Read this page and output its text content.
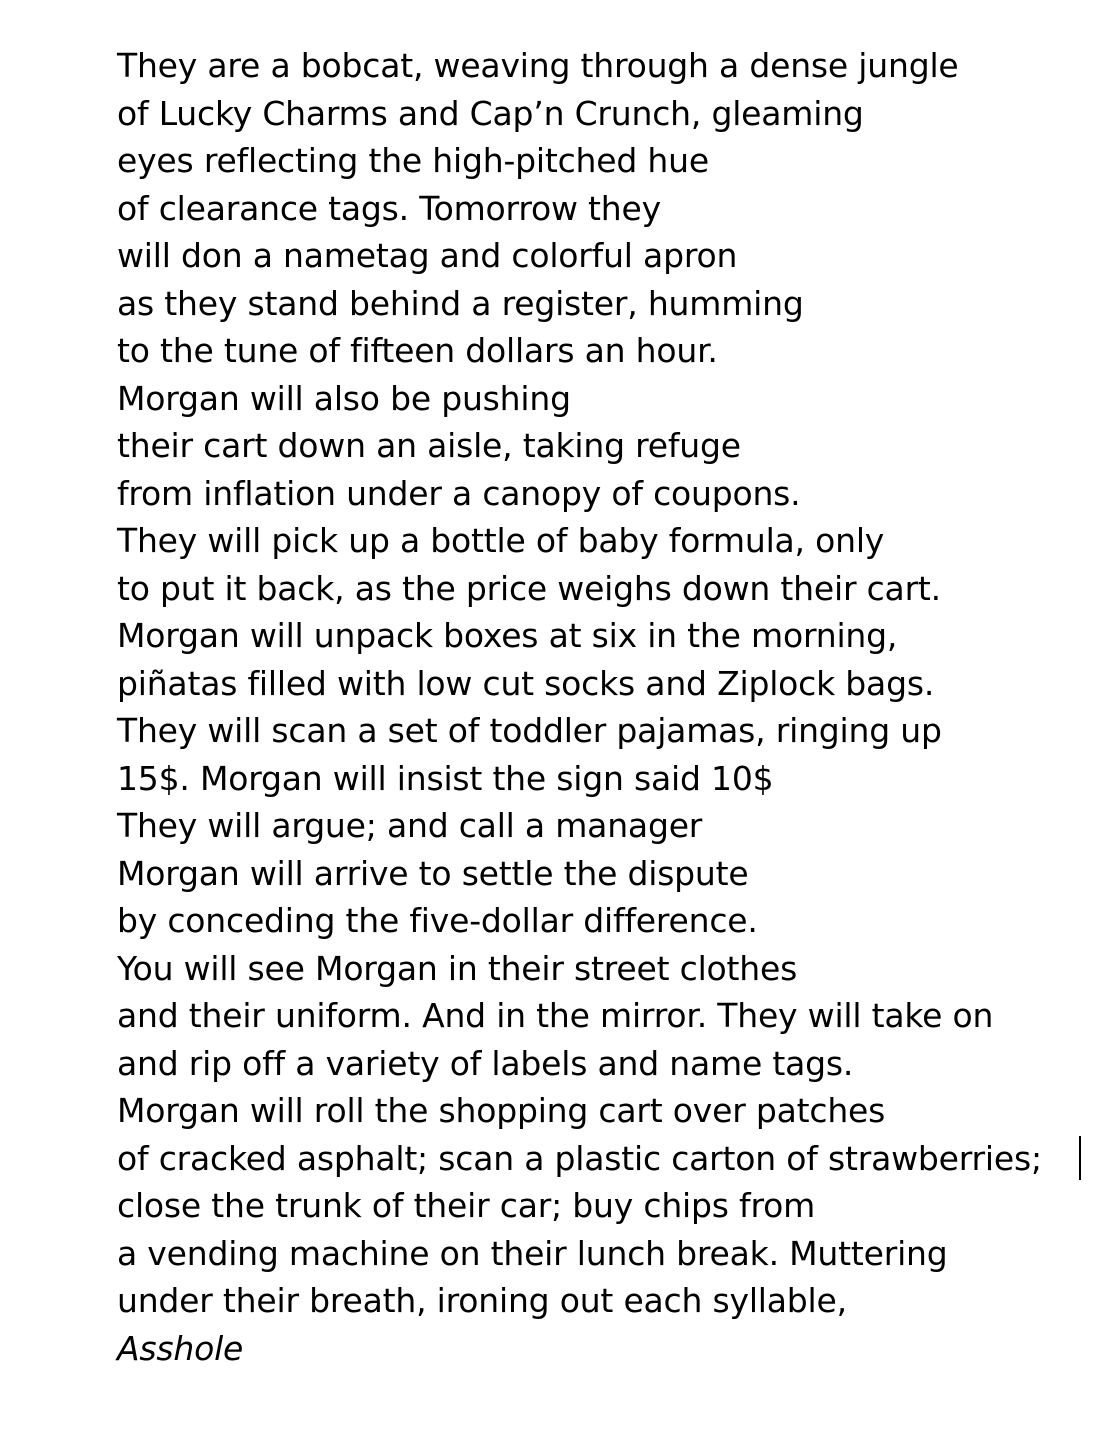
They are a bobcat, weaving through a dense jungle
of Lucky Charms and Cap’n Crunch, gleaming
eyes reflecting the high-pitched hue
of clearance tags. Tomorrow they
will don a nametag and colorful apron
as they stand behind a register, humming
to the tune of fifteen dollars an hour.
Morgan will also be pushing
their cart down an aisle, taking refuge
from inflation under a canopy of coupons.
They will pick up a bottle of baby formula, only
to put it back, as the price weighs down their cart.
Morgan will unpack boxes at six in the morning,
piñatas filled with low cut socks and Ziplock bags.
They will scan a set of toddler pajamas, ringing up
15$. Morgan will insist the sign said 10$
They will argue; and call a manager
Morgan will arrive to settle the dispute
by conceding the five-dollar difference.
You will see Morgan in their street clothes
and their uniform. And in the mirror. They will take on
and rip off a variety of labels and name tags.
Morgan will roll the shopping cart over patches
of cracked asphalt; scan a plastic carton of strawberries;
close the trunk of their car; buy chips from
a vending machine on their lunch break. Muttering
under their breath, ironing out each syllable,
Asshole
